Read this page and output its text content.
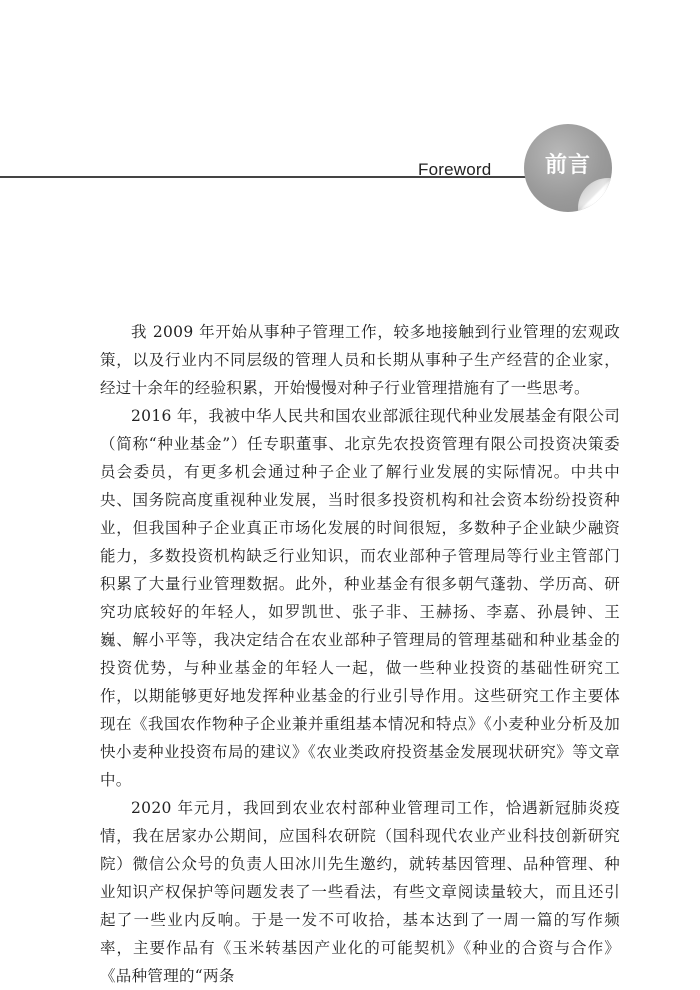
Foreword	前言

我 2009 年开始从事种子管理工作，较多地接触到行业管理的宏观政策，以及行业内不同层级的管理人员和长期从事种子生产经营的企业家，经过十余年的经验积累，开始慢慢对种子行业管理措施有了一些思考。

2016 年，我被中华人民共和国农业部派往现代种业发展基金有限公司（简称“种业基金”）任专职董事、北京先农投资管理有限公司投资决策委员会委员，有更多机会通过种子企业了解行业发展的实际情况。中共中央、国务院高度重视种业发展，当时很多投资机构和社会资本纷纷投资种业，但我国种子企业真正市场化发展的时间很短，多数种子企业缺少融资能力，多数投资机构缺乏行业知识，而农业部种子管理局等行业主管部门积累了大量行业管理数据。此外，种业基金有很多朝气蓬勃、学历高、研究功底较好的年轻人，如罗凯世、张子非、王赫扬、李嘉、孙晨钟、王巍、解小平等，我决定结合在农业部种子管理局的管理基础和种业基金的投资优势，与种业基金的年轻人一起，做一些种业投资的基础性研究工作，以期能够更好地发挥种业基金的行业引导作用。这些研究工作主要体现在《我国农作物种子企业兼并重组基本情况和特点》《小麦种业分析及加快小麦种业投资布局的建议》《农业类政府投资基金发展现状研究》等文章中。

2020 年元月，我回到农业农村部种业管理司工作，恰遇新冠肺炎疫情，我在居家办公期间，应国科农研院（国科现代农业产业科技创新研究院）微信公众号的负责人田冰川先生邀约，就转基因管理、品种管理、种业知识产权保护等问题发表了一些看法，有些文章阅读量较大，而且还引起了一些业内反响。于是一发不可收拾，基本达到了一周一篇的写作频率，主要作品有《玉米转基因产业化的可能契机》《种业的合资与合作》《品种管理的“两条
